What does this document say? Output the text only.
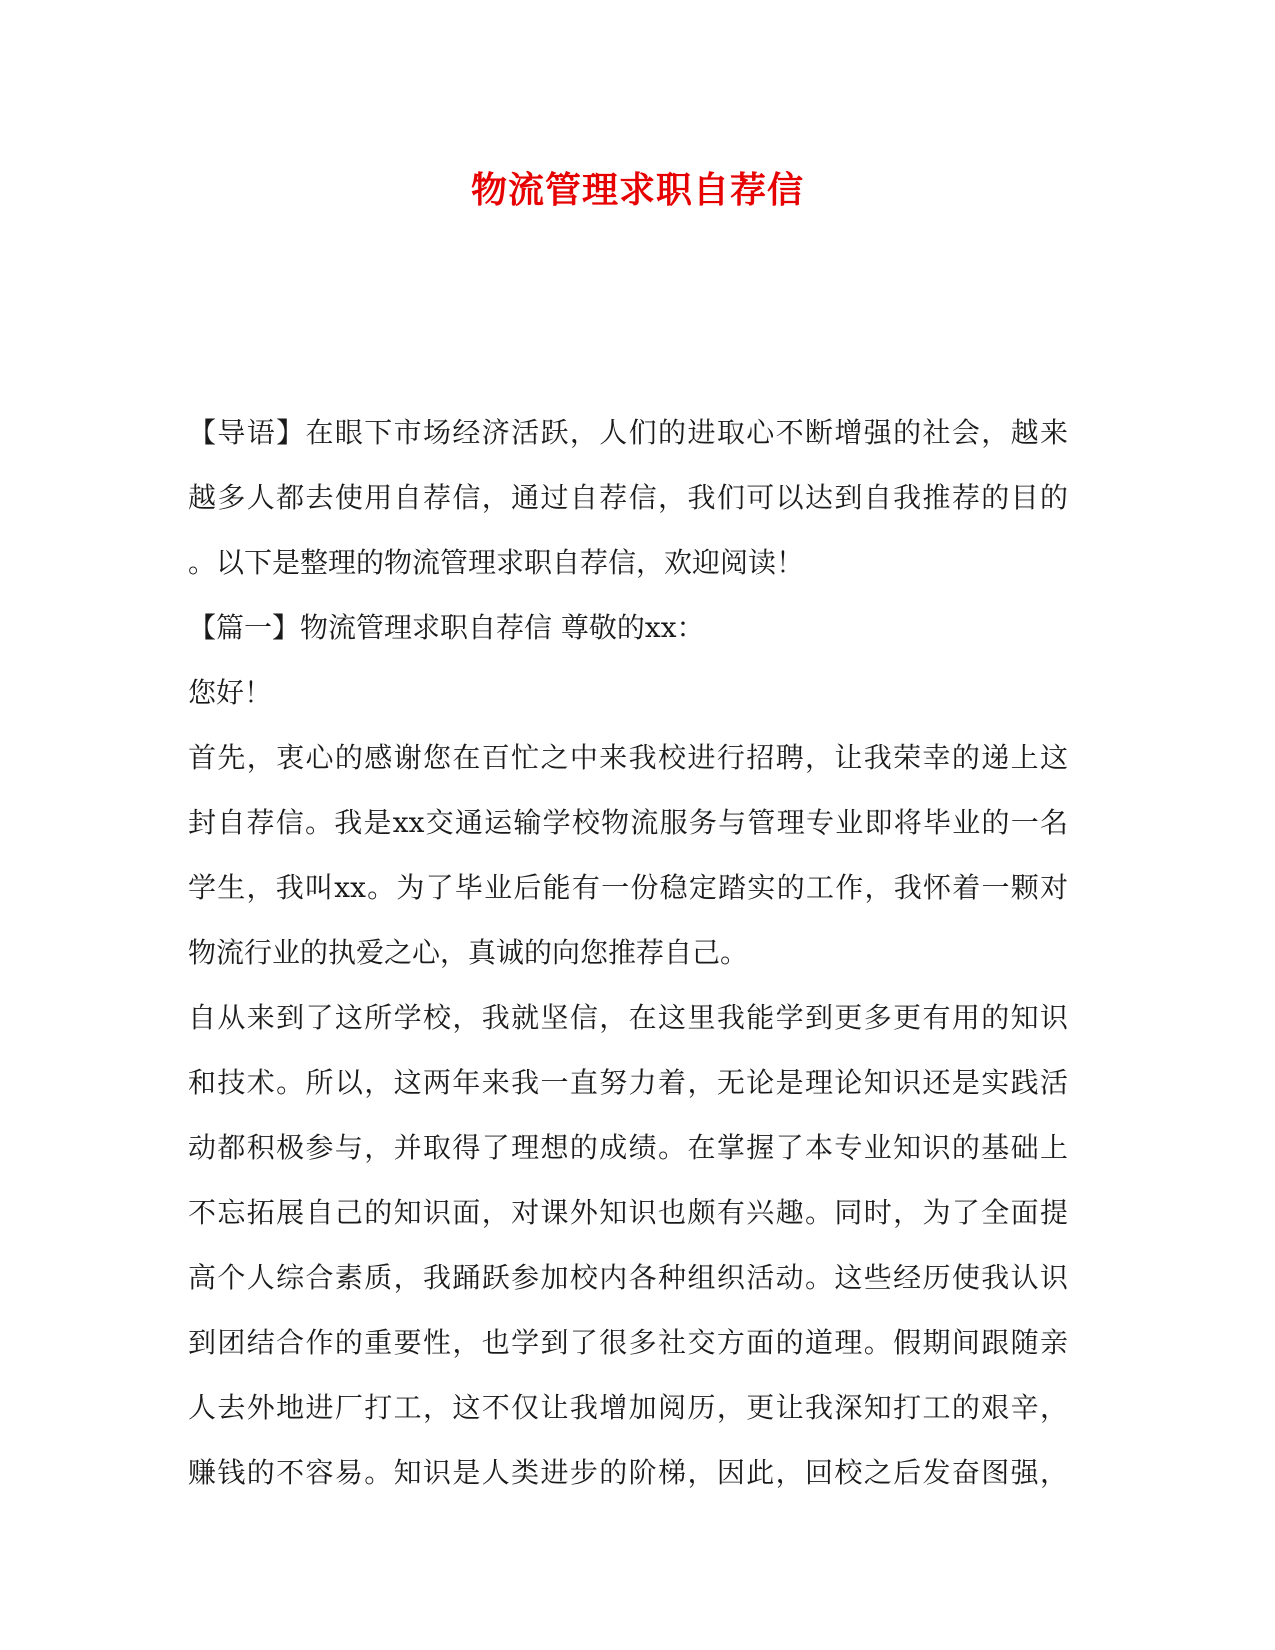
物流管理求职自荐信
【导语】在眼下市场经济活跃，人们的进取心不断增强的社会，越来
越多人都去使用自荐信，通过自荐信，我们可以达到自我推荐的目的
。以下是整理的物流管理求职自荐信，欢迎阅读！
【篇一】物流管理求职自荐信 尊敬的xx：
您好！
首先，衷心的感谢您在百忙之中来我校进行招聘，让我荣幸的递上这
封自荐信。我是xx交通运输学校物流服务与管理专业即将毕业的一名
学生，我叫xx。为了毕业后能有一份稳定踏实的工作，我怀着一颗对
物流行业的执爱之心，真诚的向您推荐自己。
自从来到了这所学校，我就坚信，在这里我能学到更多更有用的知识
和技术。所以，这两年来我一直努力着，无论是理论知识还是实践活
动都积极参与，并取得了理想的成绩。在掌握了本专业知识的基础上
不忘拓展自己的知识面，对课外知识也颇有兴趣。同时，为了全面提
高个人综合素质，我踊跃参加校内各种组织活动。这些经历使我认识
到团结合作的重要性，也学到了很多社交方面的道理。假期间跟随亲
人去外地进厂打工，这不仅让我增加阅历，更让我深知打工的艰辛，
赚钱的不容易。知识是人类进步的阶梯，因此，回校之后发奋图强，
